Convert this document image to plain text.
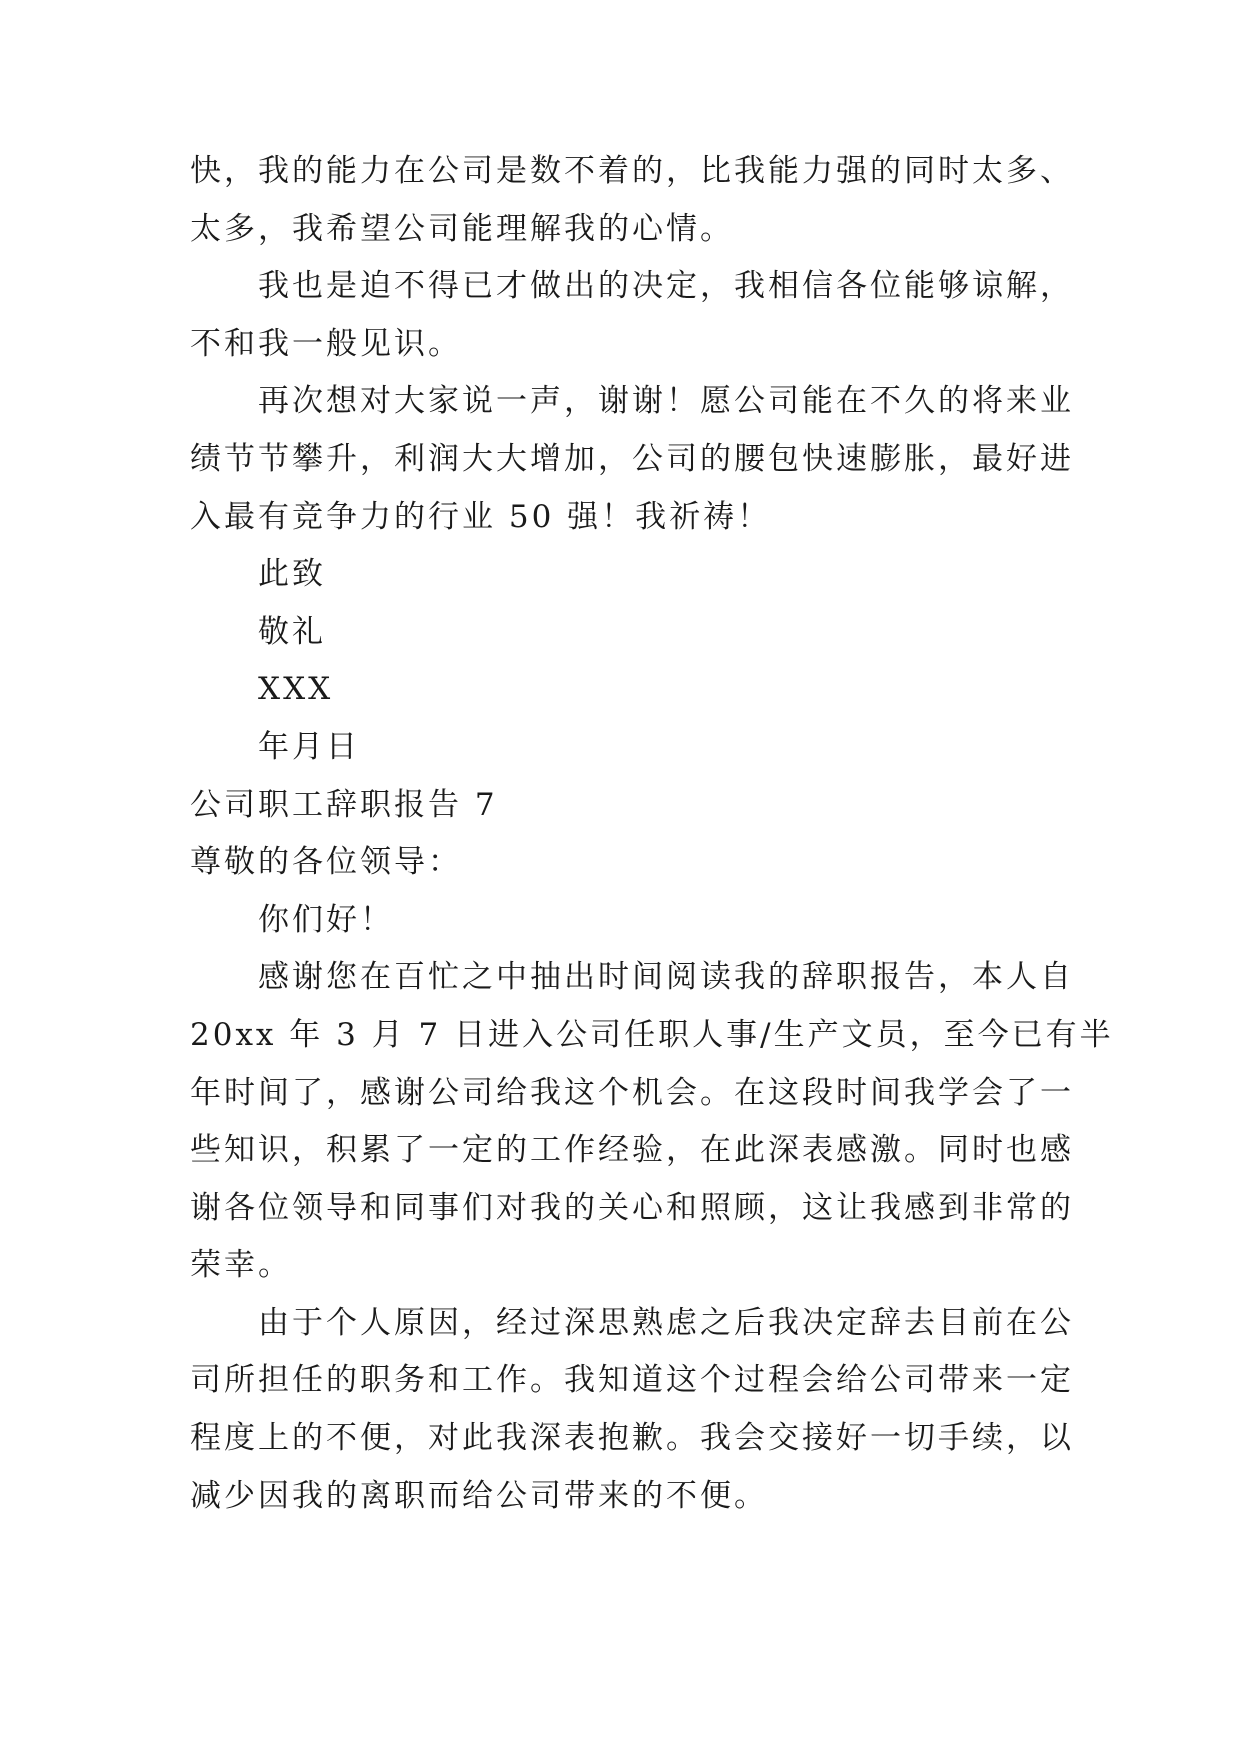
快，我的能力在公司是数不着的，比我能力强的同时太多、
太多，我希望公司能理解我的心情。
我也是迫不得已才做出的决定，我相信各位能够谅解，
不和我一般见识。
再次想对大家说一声，谢谢！愿公司能在不久的将来业
绩节节攀升，利润大大增加，公司的腰包快速膨胀，最好进
入最有竞争力的行业 50 强！我祈祷！
此致
敬礼
XXX
年月日
公司职工辞职报告 7
尊敬的各位领导：
你们好！
感谢您在百忙之中抽出时间阅读我的辞职报告，本人自
20xx 年 3 月 7 日进入公司任职人事/生产文员，至今已有半
年时间了，感谢公司给我这个机会。在这段时间我学会了一
些知识，积累了一定的工作经验，在此深表感激。同时也感
谢各位领导和同事们对我的关心和照顾，这让我感到非常的
荣幸。
由于个人原因，经过深思熟虑之后我决定辞去目前在公
司所担任的职务和工作。我知道这个过程会给公司带来一定
程度上的不便，对此我深表抱歉。我会交接好一切手续，以
减少因我的离职而给公司带来的不便。
